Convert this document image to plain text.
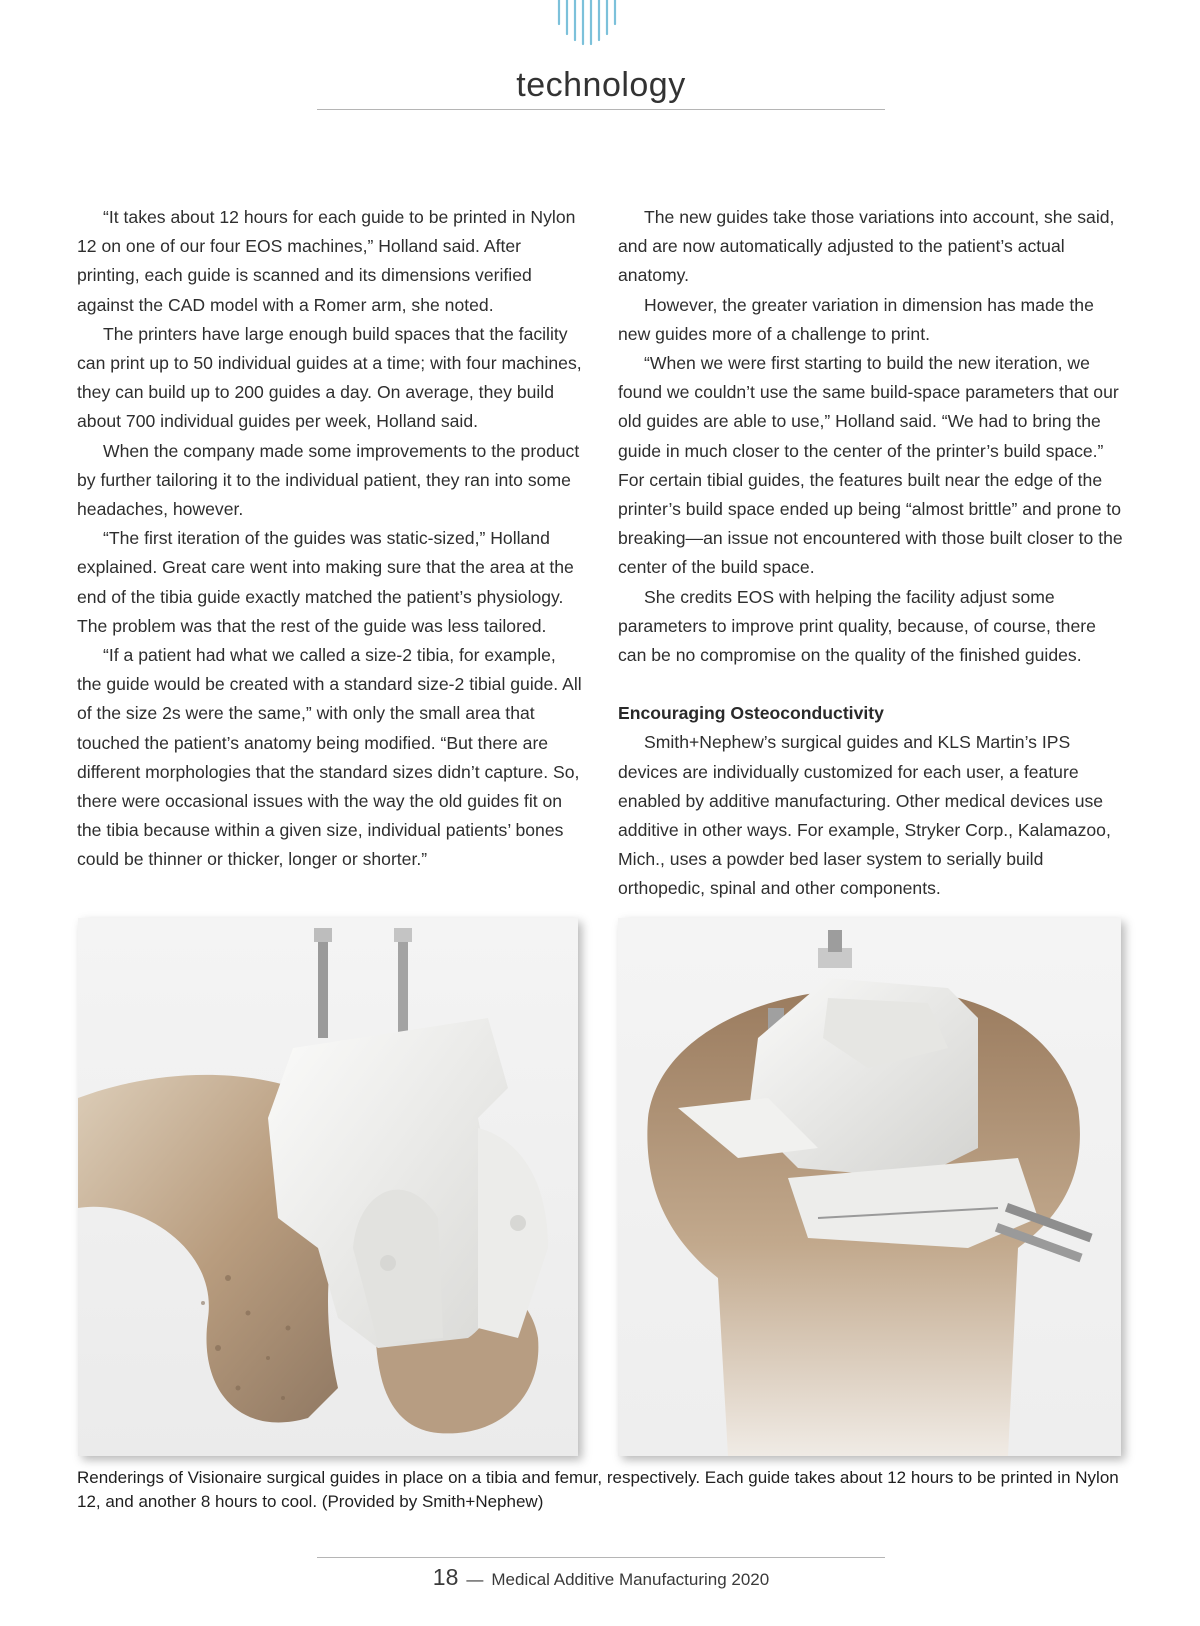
technology

“It takes about 12 hours for each guide to be printed in Nylon 12 on one of our four EOS machines,” Holland said. After printing, each guide is scanned and its dimensions verified against the CAD model with a Romer arm, she noted.

The printers have large enough build spaces that the facility can print up to 50 individual guides at a time; with four machines, they can build up to 200 guides a day. On average, they build about 700 individual guides per week, Holland said.

When the company made some improvements to the product by further tailoring it to the individual patient, they ran into some headaches, however.

“The first iteration of the guides was static-sized,” Holland explained. Great care went into making sure that the area at the end of the tibia guide exactly matched the patient’s physiology. The problem was that the rest of the guide was less tailored.

“If a patient had what we called a size-2 tibia, for example, the guide would be created with a standard size-2 tibial guide. All of the size 2s were the same,” with only the small area that touched the patient’s anatomy being modified. “But there are different morphologies that the standard sizes didn’t capture. So, there were occasional issues with the way the old guides fit on the tibia because within a given size, individual patients’ bones could be thinner or thicker, longer or shorter.”

The new guides take those variations into account, she said, and are now automatically adjusted to the patient’s actual anatomy.

However, the greater variation in dimension has made the new guides more of a challenge to print.

“When we were first starting to build the new iteration, we found we couldn’t use the same build-space parameters that our old guides are able to use,” Holland said. “We had to bring the guide in much closer to the center of the printer’s build space.” For certain tibial guides, the features built near the edge of the printer’s build space ended up being “almost brittle” and prone to breaking—an issue not encountered with those built closer to the center of the build space.

She credits EOS with helping the facility adjust some parameters to improve print quality, because, of course, there can be no compromise on the quality of the finished guides.

Encouraging Osteoconductivity

Smith+Nephew’s surgical guides and KLS Martin’s IPS devices are individually customized for each user, a feature enabled by additive manufacturing. Other medical devices use additive in other ways. For example, Stryker Corp., Kalamazoo, Mich., uses a powder bed laser system to serially build orthopedic, spinal and other components.

Renderings of Visionaire surgical guides in place on a tibia and femur, respectively. Each guide takes about 12 hours to be printed in Nylon 12, and another 8 hours to cool. (Provided by Smith+Nephew)

18 — Medical Additive Manufacturing 2020
